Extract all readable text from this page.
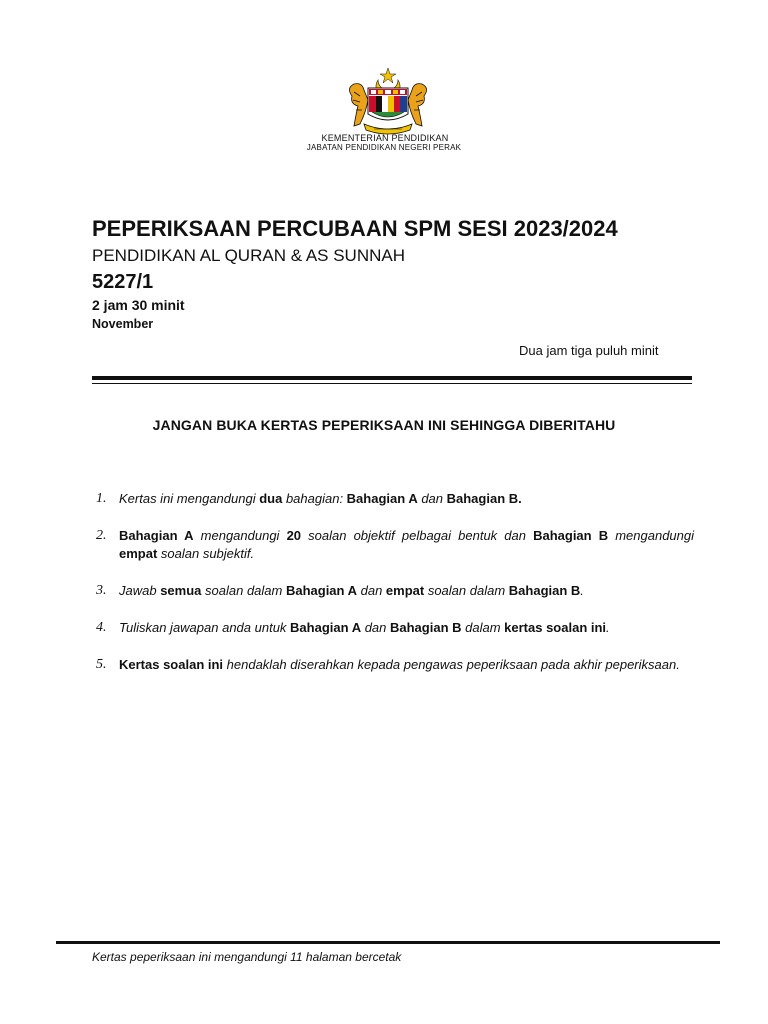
KEMENTERIAN PENDIDIKAN
JABATAN PENDIDIKAN NEGERI PERAK
PEPERIKSAAN PERCUBAAN SPM SESI 2023/2024
PENDIDIKAN AL QURAN & AS SUNNAH
5227/1
2 jam 30 minit
November
Dua jam tiga puluh minit
JANGAN BUKA KERTAS PEPERIKSAAN INI SEHINGGA DIBERITAHU
1. Kertas ini mengandungi dua bahagian: Bahagian A dan Bahagian B.
2. Bahagian A mengandungi 20 soalan objektif pelbagai bentuk dan Bahagian B mengandungi empat soalan subjektif.
3. Jawab semua soalan dalam Bahagian A dan empat soalan dalam Bahagian B.
4. Tuliskan jawapan anda untuk Bahagian A dan Bahagian B dalam kertas soalan ini.
5. Kertas soalan ini hendaklah diserahkan kepada pengawas peperiksaan pada akhir peperiksaan.
Kertas peperiksaan ini mengandungi 11 halaman bercetak
